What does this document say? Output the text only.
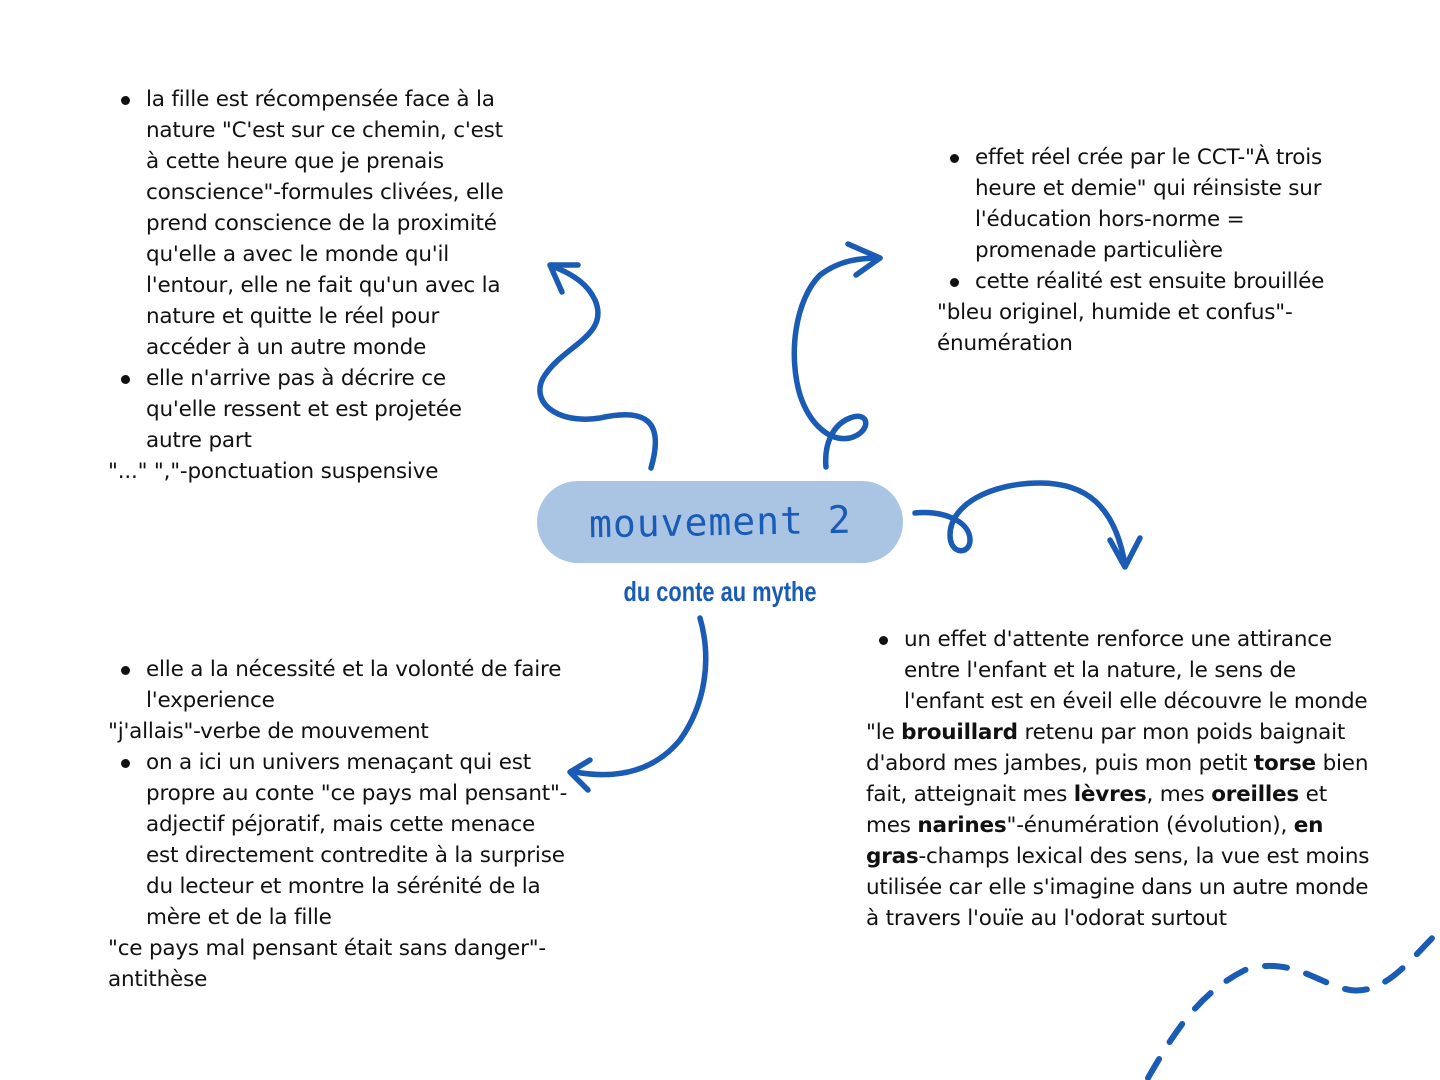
mouvement 2
du conte au mythe
la fille est récompensée face à la nature "C'est sur ce chemin, c'est à cette heure que je prenais conscience"-formules clivées, elle prend conscience de la proximité qu'elle a avec le monde qu'il l'entour, elle ne fait qu'un avec la nature et quitte le réel pour accéder à un autre monde
elle n'arrive pas à décrire ce qu'elle ressent et est projetée autre part

"..." ","-ponctuation suspensive

effet réel crée par le CCT-"À trois heure et demie" qui réinsiste sur l'éducation hors-norme = promenade particulière
cette réalité est ensuite brouillée

"bleu originel, humide et confus"-énumération

elle a la nécessité et la volonté de faire l'experience

"j'allais"-verbe de mouvement

on a ici un univers menaçant qui est propre au conte "ce pays mal pensant"-adjectif péjoratif, mais cette menace est directement contredite à la surprise du lecteur et montre la sérénité de la mère et de la fille

"ce pays mal pensant était sans danger"-antithèse

un effet d'attente renforce une attirance entre l'enfant et la nature, le sens de l'enfant est en éveil elle découvre le monde

"le brouillard retenu par mon poids baignait d'abord mes jambes, puis mon petit torse bien fait, atteignait mes lèvres, mes oreilles et mes narines"-énumération (évolution), en gras-champs lexical des sens, la vue est moins utilisée car elle s'imagine dans un autre monde à travers l'ouïe au l'odorat surtout
